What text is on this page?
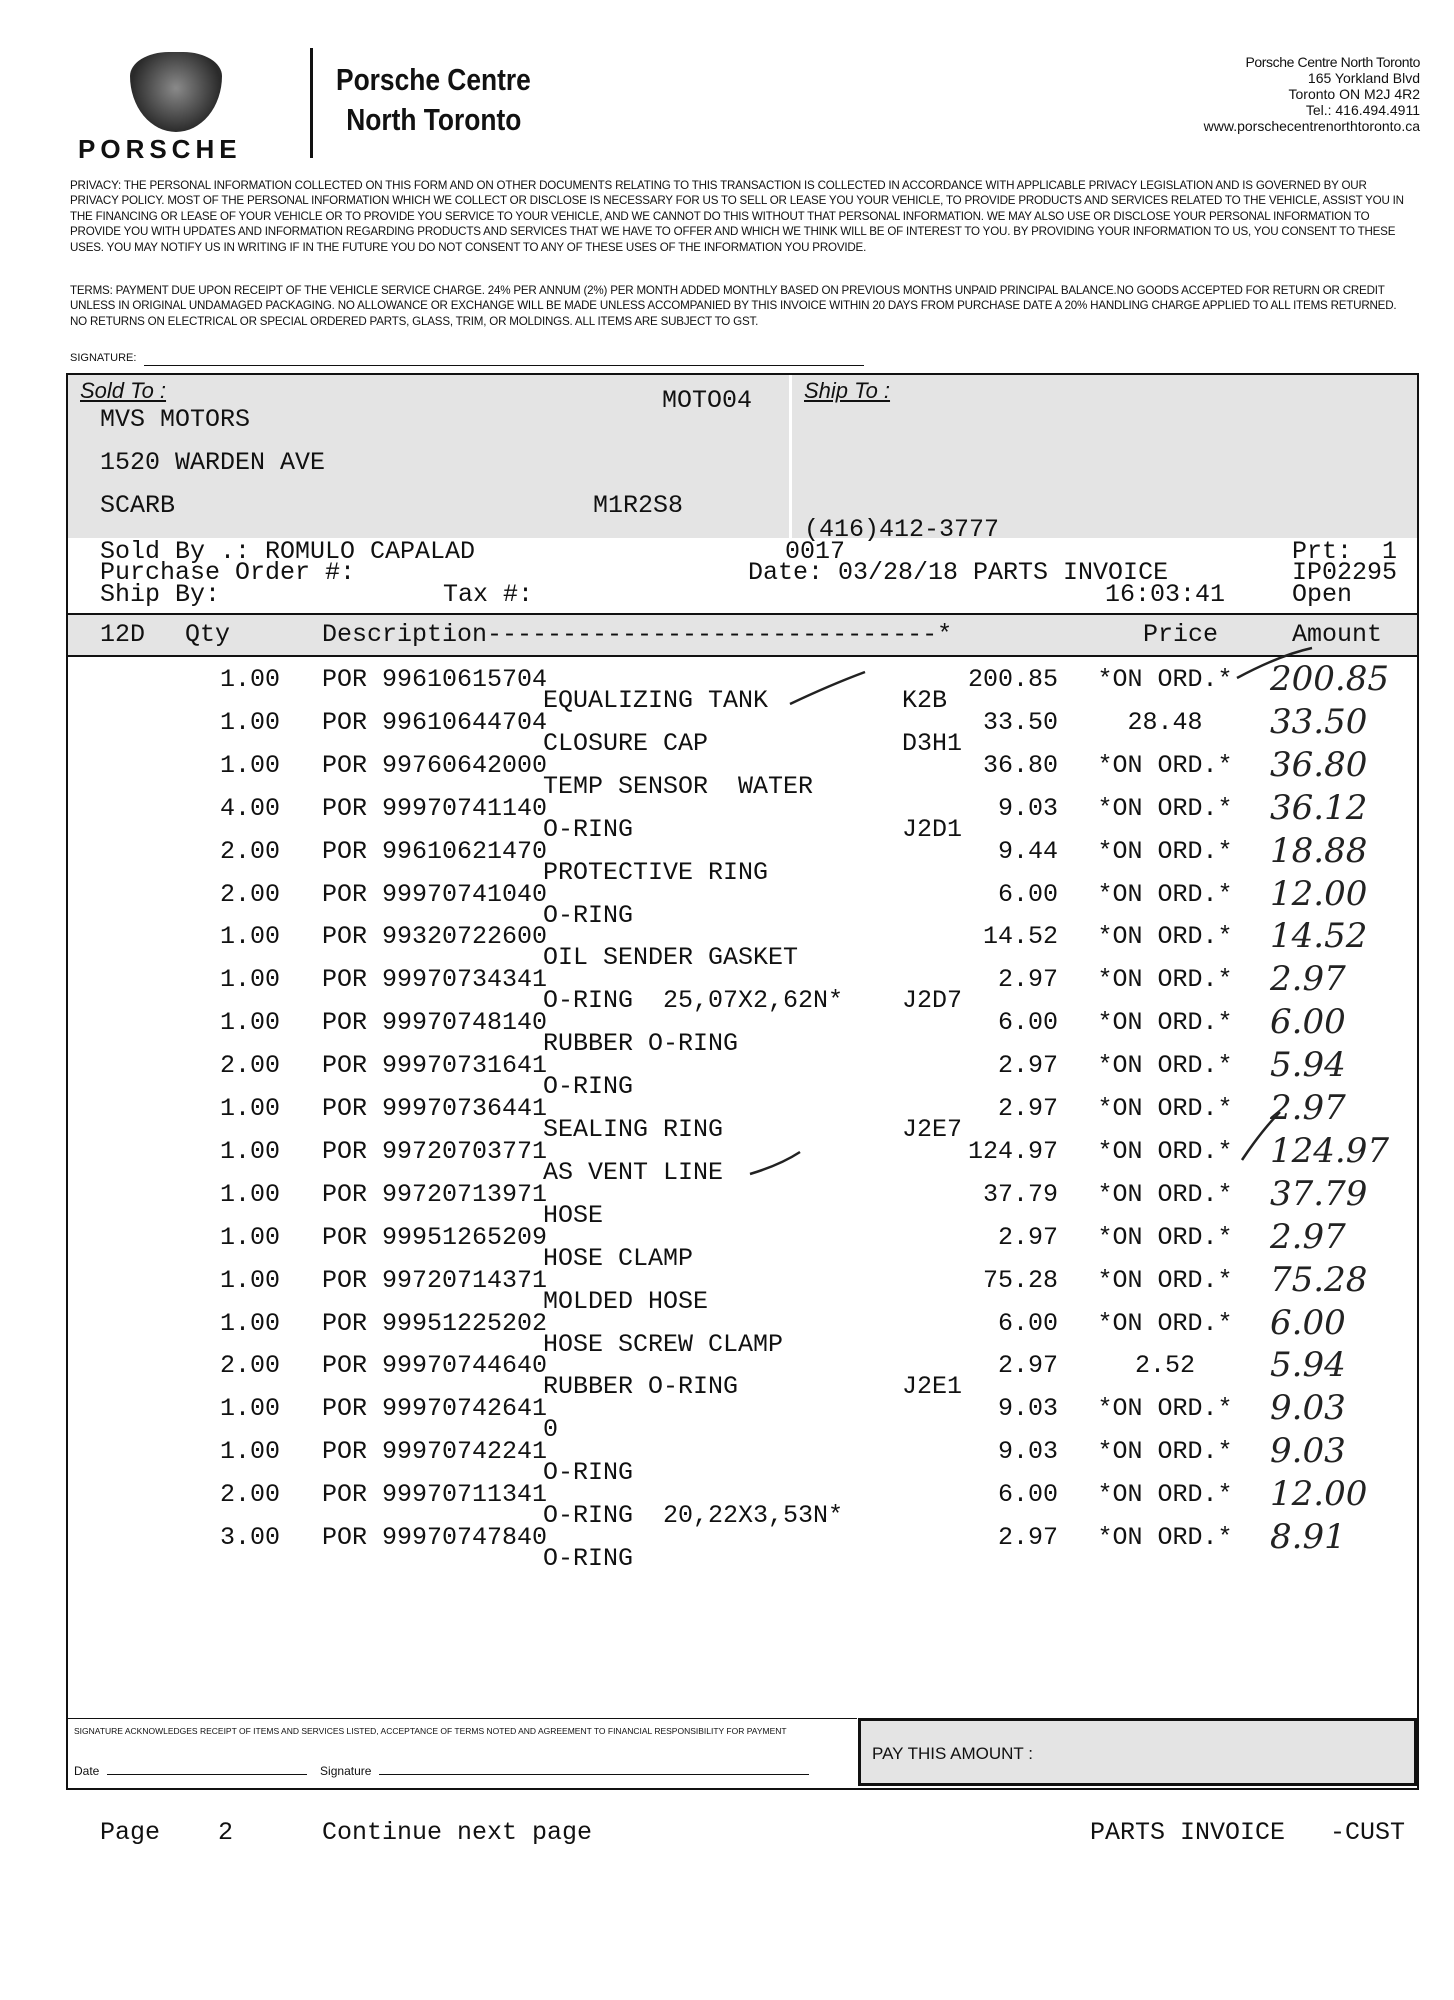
PORSCHE
Porsche Centre
North Toronto
Porsche Centre North Toronto
165 Yorkland Blvd
Toronto ON M2J 4R2
Tel.: 416.494.4911
www.porschecentrenorthtoronto.ca
PRIVACY: THE PERSONAL INFORMATION COLLECTED ON THIS FORM AND ON OTHER DOCUMENTS RELATING TO THIS TRANSACTION IS COLLECTED IN ACCORDANCE WITH APPLICABLE PRIVACY LEGISLATION AND IS GOVERNED BY OUR PRIVACY POLICY. MOST OF THE PERSONAL INFORMATION WHICH WE COLLECT OR DISCLOSE IS NECESSARY FOR US TO SELL OR LEASE YOU YOUR VEHICLE, TO PROVIDE PRODUCTS AND SERVICES RELATED TO THE VEHICLE, ASSIST YOU IN THE FINANCING OR LEASE OF YOUR VEHICLE OR TO PROVIDE YOU SERVICE TO YOUR VEHICLE, AND WE CANNOT DO THIS WITHOUT THAT PERSONAL INFORMATION. WE MAY ALSO USE OR DISCLOSE YOUR PERSONAL INFORMATION TO PROVIDE YOU WITH UPDATES AND INFORMATION REGARDING PRODUCTS AND SERVICES THAT WE HAVE TO OFFER AND WHICH WE THINK WILL BE OF INTEREST TO YOU. BY PROVIDING YOUR INFORMATION TO US, YOU CONSENT TO THESE USES. YOU MAY NOTIFY US IN WRITING IF IN THE FUTURE YOU DO NOT CONSENT TO ANY OF THESE USES OF THE INFORMATION YOU PROVIDE.
TERMS: PAYMENT DUE UPON RECEIPT OF THE VEHICLE SERVICE CHARGE. 24% PER ANNUM (2%) PER MONTH ADDED MONTHLY BASED ON PREVIOUS MONTHS UNPAID PRINCIPAL BALANCE.NO GOODS ACCEPTED FOR RETURN OR CREDIT UNLESS IN ORIGINAL UNDAMAGED PACKAGING. NO ALLOWANCE OR EXCHANGE WILL BE MADE UNLESS ACCOMPANIED BY THIS INVOICE WITHIN 20 DAYS FROM PURCHASE DATE A 20% HANDLING CHARGE APPLIED TO ALL ITEMS RETURNED. NO RETURNS ON ELECTRICAL OR SPECIAL ORDERED PARTS, GLASS, TRIM, OR MOLDINGS. ALL ITEMS ARE SUBJECT TO GST.
SIGNATURE:
Sold To :	Ship To :
MOTO04
MVS MOTORS
1520 WARDEN AVE
SCARB	M1R2S8
(416)412-3777
Sold By .: ROMULO CAPALAD
Purchase Order #:
Ship By:	Tax #:
0017
Date: 03/28/18 PARTS INVOICE
16:03:41
Prt:  1
IP02295
Open
12D Qty	Description------------------------------*	Price	Amount
1.00 POR 99610615704
EQUALIZING TANK	K2B
200.85 *ON ORD.* 200.85
1.00 POR 99610644704
CLOSURE CAP	D3H1
33.50	28.48	33.50
1.00 POR 99760642000
TEMP SENSOR  WATER
36.80 *ON ORD.* 36.80
4.00 POR 99970741140
O-RING	J2D1
9.03 *ON ORD.* 36.12
2.00 POR 99610621470
PROTECTIVE RING
9.44 *ON ORD.* 18.88
2.00 POR 99970741040
O-RING
6.00 *ON ORD.* 12.00
1.00 POR 99320722600
OIL SENDER GASKET
14.52 *ON ORD.* 14.52
1.00 POR 99970734341
O-RING  25,07X2,62N* J2D7
2.97 *ON ORD.* 2.97
1.00 POR 99970748140
RUBBER O-RING
6.00 *ON ORD.* 6.00
2.00 POR 99970731641
O-RING
2.97 *ON ORD.* 5.94
1.00 POR 99970736441
SEALING RING	J2E7
2.97 *ON ORD.* 2.97
1.00 POR 99720703771
AS VENT LINE
124.97 *ON ORD.* 124.97
1.00 POR 99720713971
HOSE
37.79 *ON ORD.* 37.79
1.00 POR 99951265209
HOSE CLAMP
2.97 *ON ORD.* 2.97
1.00 POR 99720714371
MOLDED HOSE
75.28 *ON ORD.* 75.28
1.00 POR 99951225202
HOSE SCREW CLAMP
6.00 *ON ORD.* 6.00
2.00 POR 99970744640
RUBBER O-RING	J2E1
2.97	2.52	5.94
1.00 POR 99970742641
0
9.03 *ON ORD.* 9.03
1.00 POR 99970742241
O-RING
9.03 *ON ORD.* 9.03
2.00 POR 99970711341
O-RING  20,22X3,53N*
6.00 *ON ORD.* 12.00
3.00 POR 99970747840
O-RING
2.97 *ON ORD.* 8.91
SIGNATURE ACKNOWLEDGES RECEIPT OF ITEMS AND SERVICES LISTED, ACCEPTANCE OF TERMS NOTED AND AGREEMENT TO FINANCIAL RESPONSIBILITY FOR PAYMENT
Date	Signature
PAY THIS AMOUNT :
Page 2	Continue next page	PARTS INVOICE   -CUST
